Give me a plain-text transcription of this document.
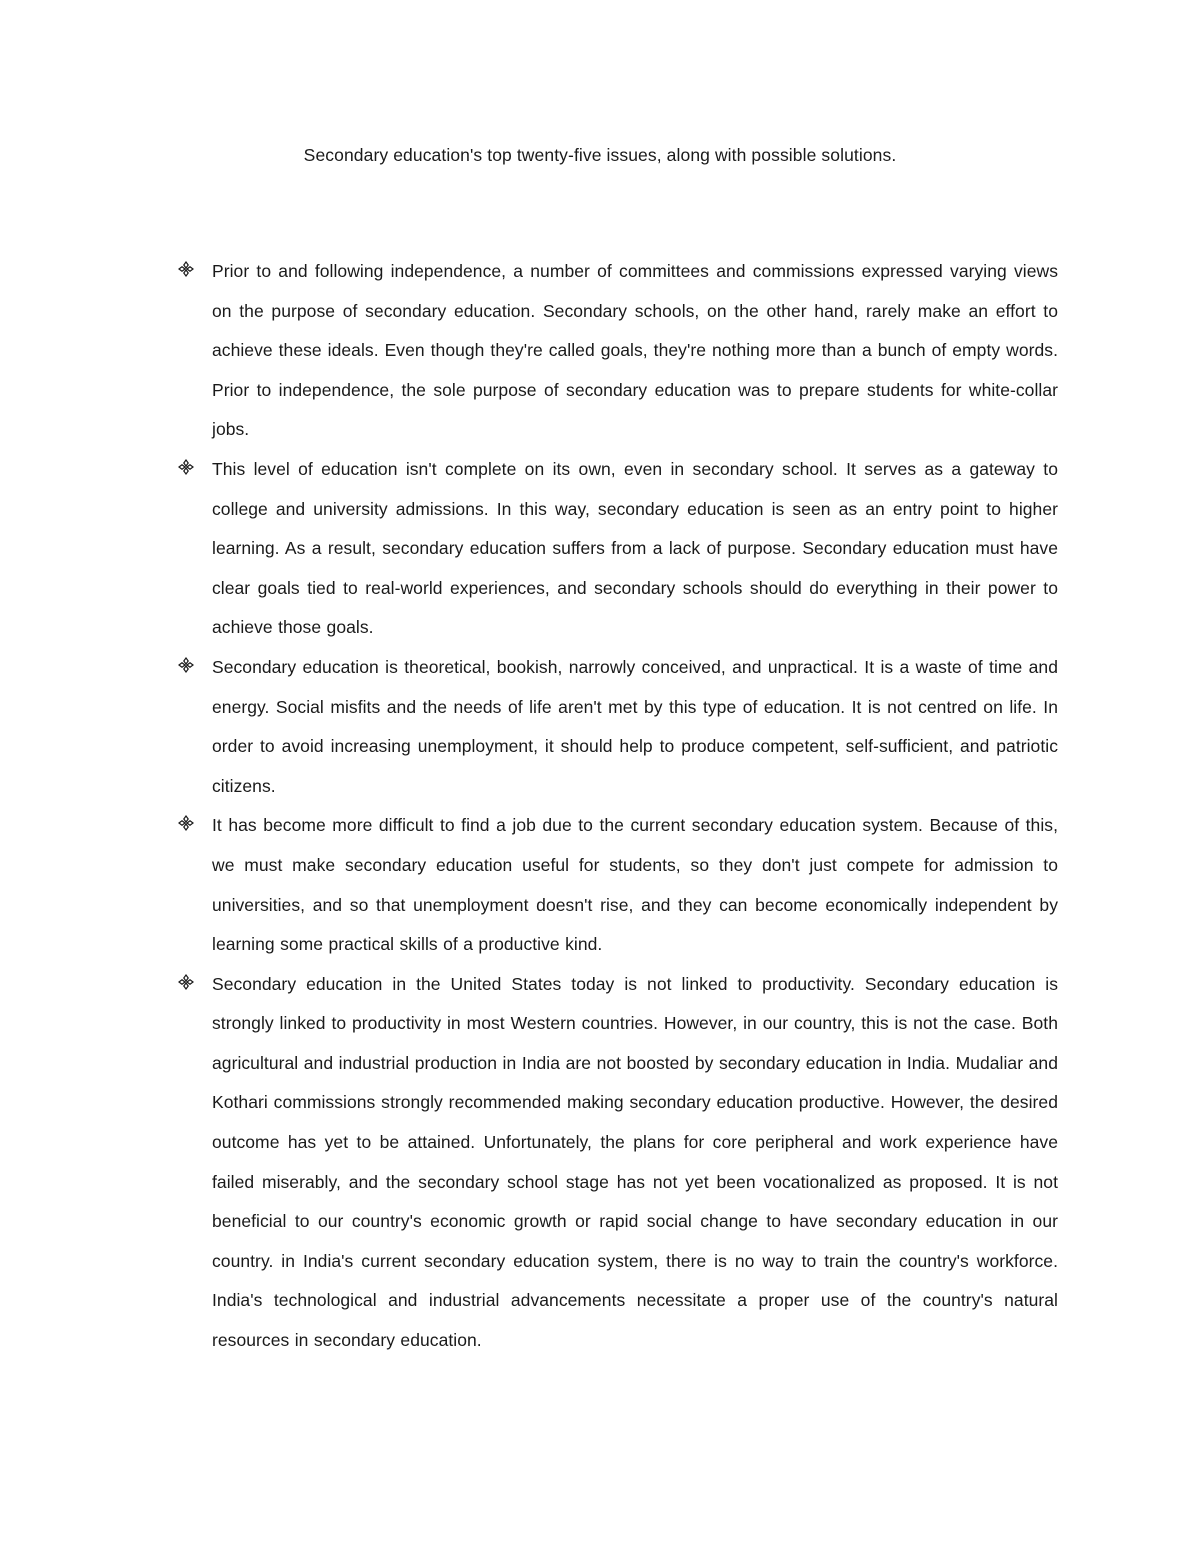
Secondary education's top twenty-five issues, along with possible solutions.
Prior to and following independence, a number of committees and commissions expressed varying views on the purpose of secondary education. Secondary schools, on the other hand, rarely make an effort to achieve these ideals. Even though they're called goals, they're nothing more than a bunch of empty words. Prior to independence, the sole purpose of secondary education was to prepare students for white-collar jobs.
This level of education isn't complete on its own, even in secondary school. It serves as a gateway to college and university admissions. In this way, secondary education is seen as an entry point to higher learning. As a result, secondary education suffers from a lack of purpose. Secondary education must have clear goals tied to real-world experiences, and secondary schools should do everything in their power to achieve those goals.
Secondary education is theoretical, bookish, narrowly conceived, and unpractical. It is a waste of time and energy. Social misfits and the needs of life aren't met by this type of education. It is not centred on life. In order to avoid increasing unemployment, it should help to produce competent, self-sufficient, and patriotic citizens.
It has become more difficult to find a job due to the current secondary education system. Because of this, we must make secondary education useful for students, so they don't just compete for admission to universities, and so that unemployment doesn't rise, and they can become economically independent by learning some practical skills of a productive kind.
Secondary education in the United States today is not linked to productivity. Secondary education is strongly linked to productivity in most Western countries. However, in our country, this is not the case. Both agricultural and industrial production in India are not boosted by secondary education in India. Mudaliar and Kothari commissions strongly recommended making secondary education productive. However, the desired outcome has yet to be attained. Unfortunately, the plans for core peripheral and work experience have failed miserably, and the secondary school stage has not yet been vocationalized as proposed. It is not beneficial to our country's economic growth or rapid social change to have secondary education in our country. in India's current secondary education system, there is no way to train the country's workforce. India's technological and industrial advancements necessitate a proper use of the country's natural resources in secondary education.
